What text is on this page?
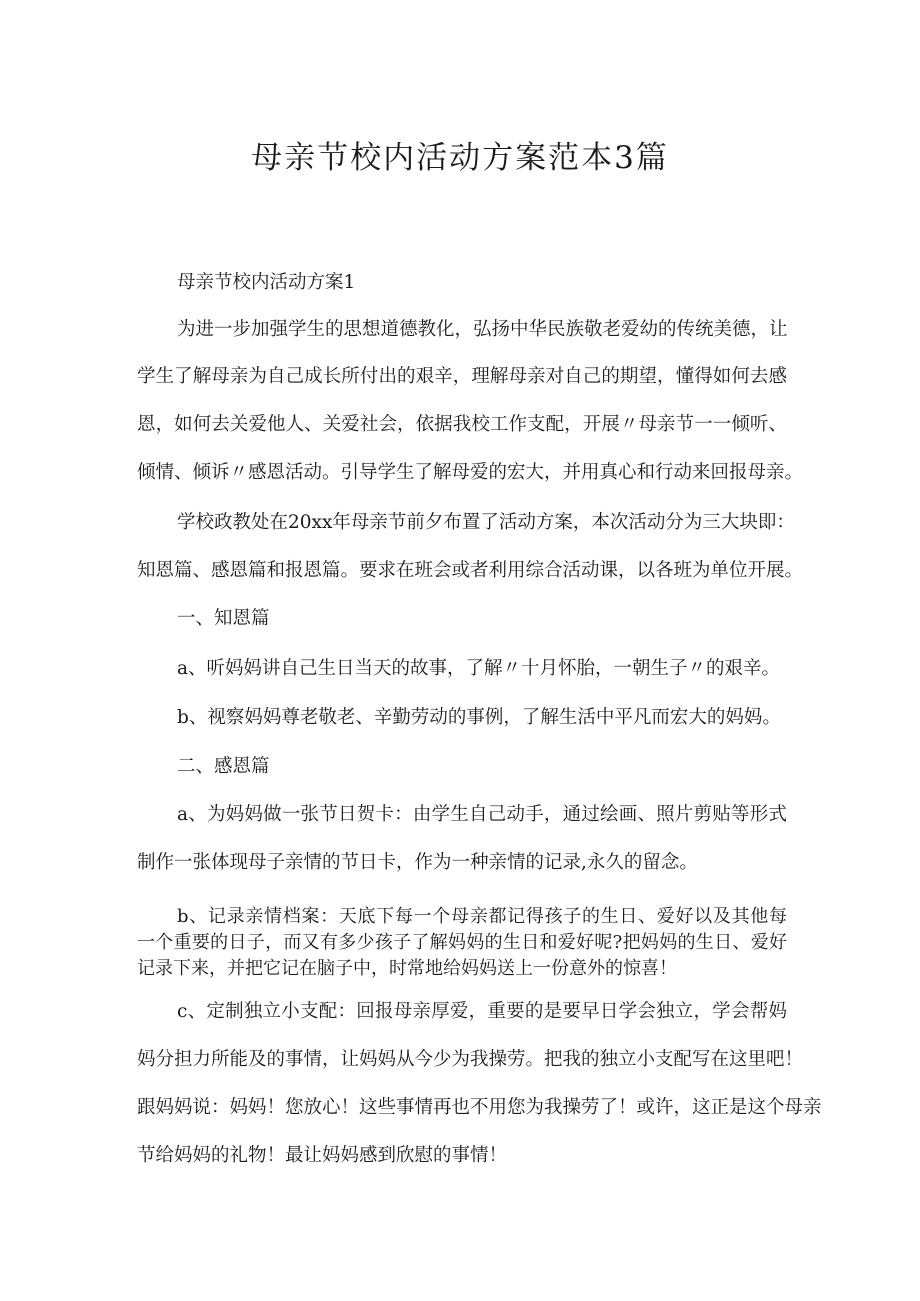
母亲节校内活动方案范本3篇
母亲节校内活动方案1
为进一步加强学生的思想道德教化，弘扬中华民族敬老爱幼的传统美德，让
学生了解母亲为自己成长所付出的艰辛，理解母亲对自己的期望，懂得如何去感
恩，如何去关爱他人、关爱社会，依据我校工作支配，开展〃母亲节一一倾听、
倾情、倾诉〃感恩活动。引导学生了解母爱的宏大，并用真心和行动来回报母亲。
学校政教处在20xx年母亲节前夕布置了活动方案，本次活动分为三大块即：
知恩篇、感恩篇和报恩篇。要求在班会或者利用综合活动课，以各班为单位开展。
一、知恩篇
a、听妈妈讲自己生日当天的故事，了解〃十月怀胎，一朝生子〃的艰辛。
b、视察妈妈尊老敬老、辛勤劳动的事例，了解生活中平凡而宏大的妈妈。
二、感恩篇
a、为妈妈做一张节日贺卡：由学生自己动手，通过绘画、照片剪贴等形式
制作一张体现母子亲情的节日卡，作为一种亲情的记录,永久的留念。
b、记录亲情档案：天底下每一个母亲都记得孩子的生日、爱好以及其他每
一个重要的日子，而又有多少孩子了解妈妈的生日和爱好呢?把妈妈的生日、爱好
记录下来，并把它记在脑子中，时常地给妈妈送上一份意外的惊喜！
c、定制独立小支配：回报母亲厚爱，重要的是要早日学会独立，学会帮妈
妈分担力所能及的事情，让妈妈从今少为我操劳。把我的独立小支配写在这里吧！
跟妈妈说：妈妈！您放心！这些事情再也不用您为我操劳了！或许，这正是这个母亲
节给妈妈的礼物！最让妈妈感到欣慰的事情！
